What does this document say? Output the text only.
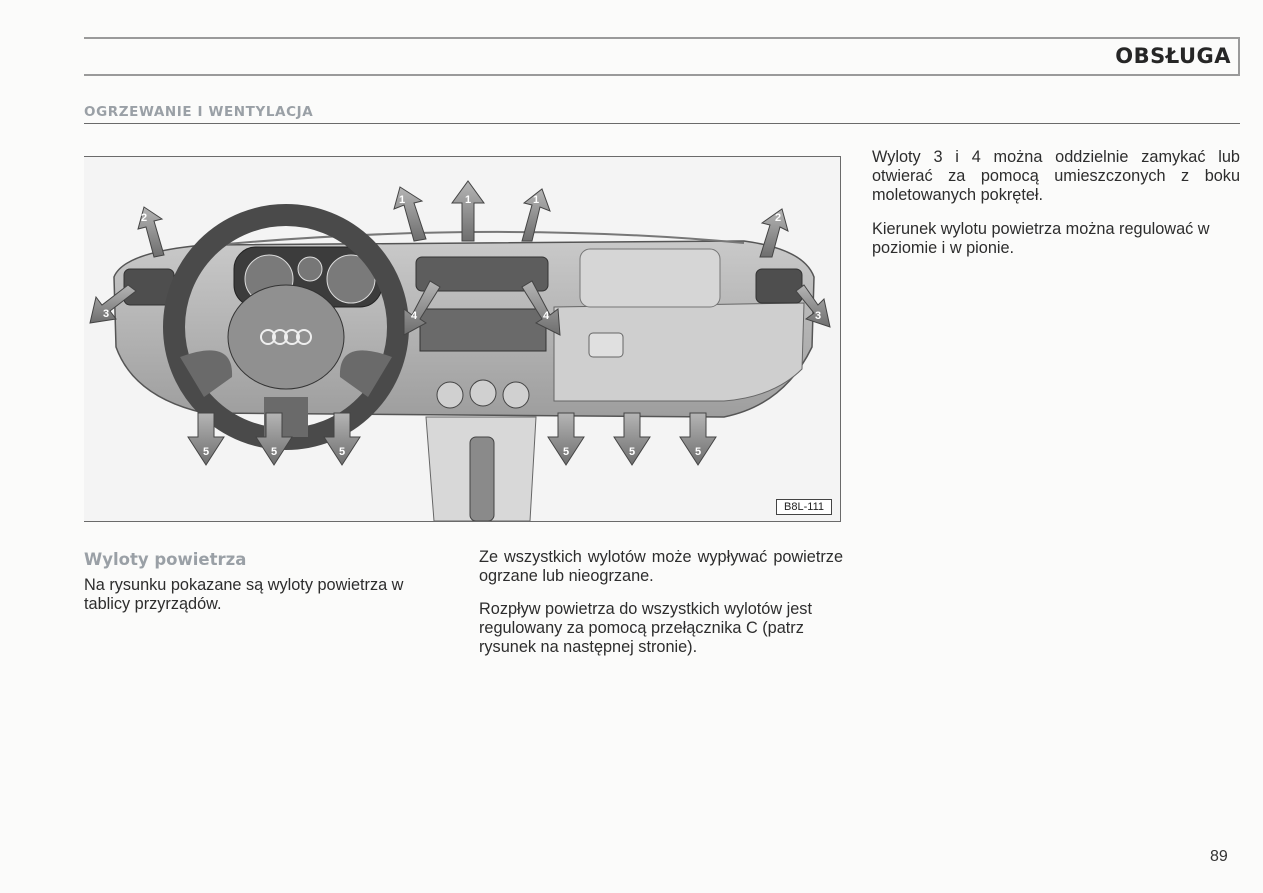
OBSŁUGA
OGRZEWANIE I WENTYLACJA
1	1	1
2	2
3	3
4	4
5	5	5	5	5	5
B8L-111
Wyloty powietrza

Na rysunku pokazane są wyloty powietrza w tablicy przyrządów.

Ze wszystkich wylotów może wypływać powietrze ogrzane lub nieogrzane.

Rozpływ powietrza do wszystkich wylotów jest regulowany za pomocą przełącznika C (patrz rysunek na następnej stronie).

Wyloty 3 i 4 można oddzielnie zamykać lub otwierać za pomocą umieszczonych z boku moletowanych pokręteł.

Kierunek wylotu powietrza można regulować w poziomie i w pionie.

89
